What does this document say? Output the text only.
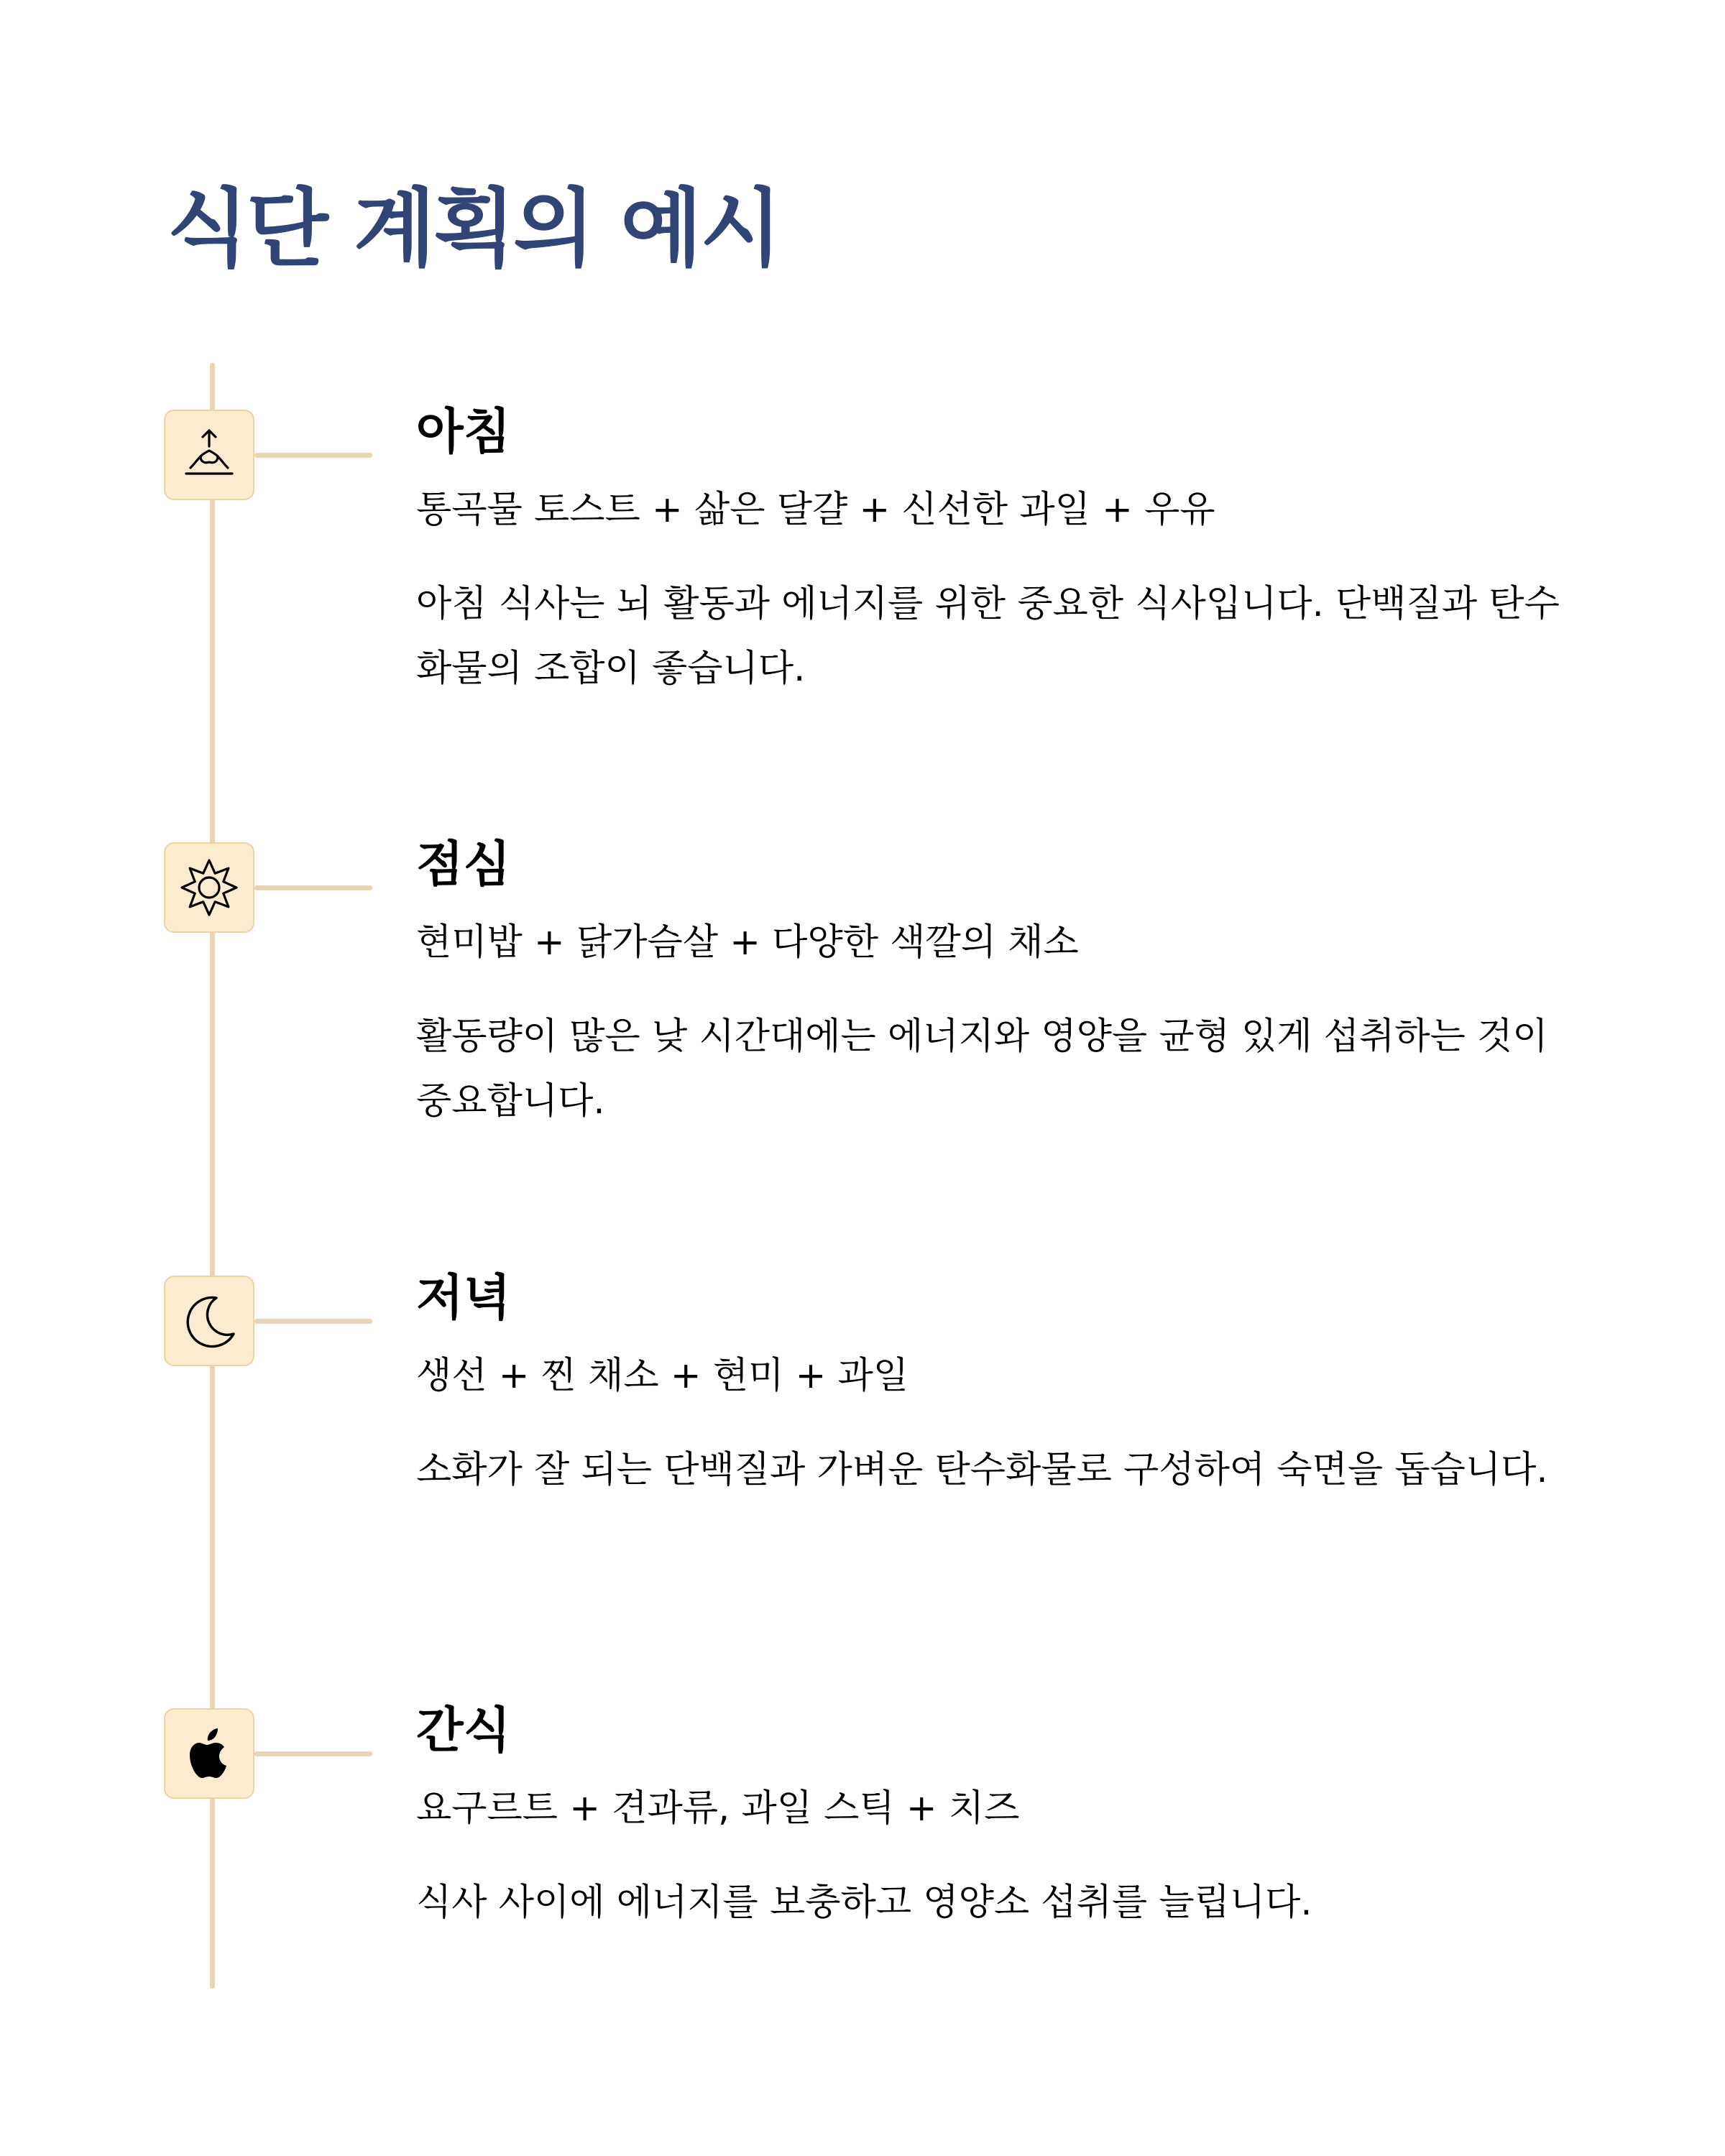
식단 계획의 예시
아침

통곡물 토스트 + 삶은 달걀 + 신선한 과일 + 우유

아침 식사는 뇌 활동과 에너지를 위한 중요한 식사입니다. 단백질과 탄수화물의 조합이 좋습니다.

점심

현미밥 + 닭가슴살 + 다양한 색깔의 채소

활동량이 많은 낮 시간대에는 에너지와 영양을 균형 있게 섭취하는 것이 중요합니다.

저녁

생선 + 찐 채소 + 현미 + 과일

소화가 잘 되는 단백질과 가벼운 탄수화물로 구성하여 숙면을 돕습니다.

간식

요구르트 + 견과류, 과일 스틱 + 치즈

식사 사이에 에너지를 보충하고 영양소 섭취를 늘립니다.
